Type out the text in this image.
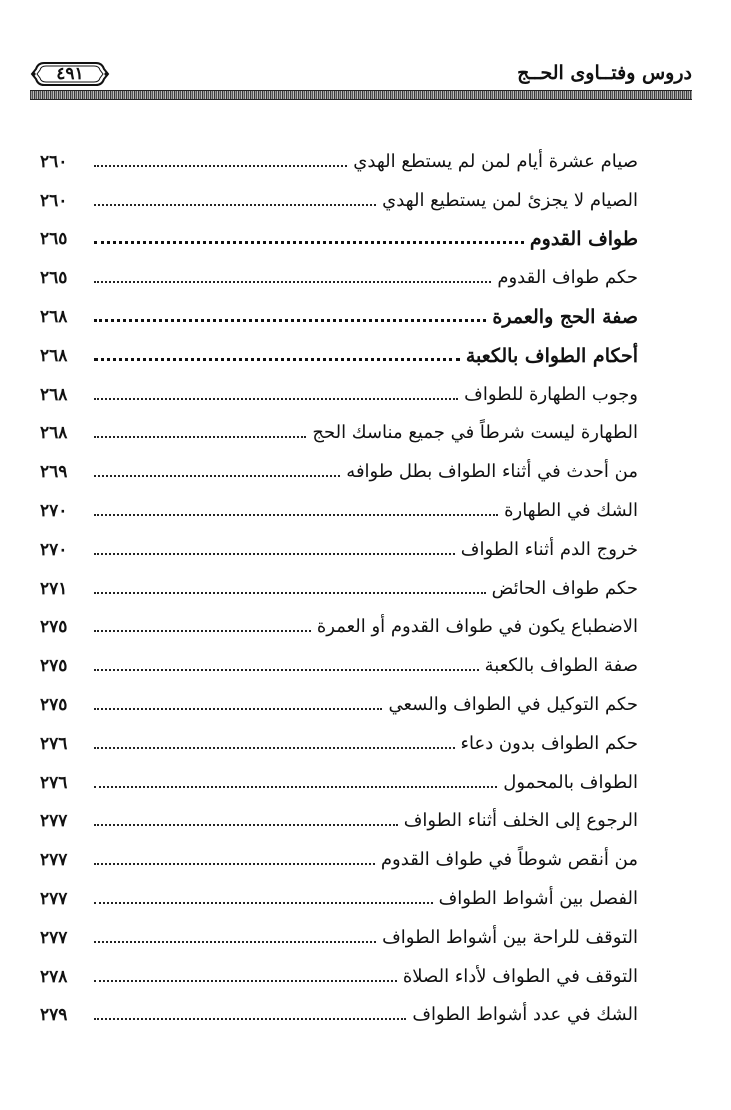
دروس وفتــاوى الحــج
٤٩١
صيام عشرة أيام لمن لم يستطع الهدي
٢٦٠
الصيام لا يجزئ لمن يستطيع الهدي
٢٦٠
طواف القدوم
٢٦٥
حكم طواف القدوم
٢٦٥
صفة الحج والعمرة
٢٦٨
أحكام الطواف بالكعبة
٢٦٨
وجوب الطهارة للطواف
٢٦٨
الطهارة ليست شرطاً في جميع مناسك الحج
٢٦٨
من أحدث في أثناء الطواف بطل طوافه
٢٦٩
الشك في الطهارة
٢٧٠
خروج الدم أثناء الطواف
٢٧٠
حكم طواف الحائض
٢٧١
الاضطباع يكون في طواف القدوم أو العمرة
٢٧٥
صفة الطواف بالكعبة
٢٧٥
حكم التوكيل في الطواف والسعي
٢٧٥
حكم الطواف بدون دعاء
٢٧٦
الطواف بالمحمول
٢٧٦
الرجوع إلى الخلف أثناء الطواف
٢٧٧
من أنقص شوطاً في طواف القدوم
٢٧٧
الفصل بين أشواط الطواف
٢٧٧
التوقف للراحة بين أشواط الطواف
٢٧٧
التوقف في الطواف لأداء الصلاة
٢٧٨
الشك في عدد أشواط الطواف
٢٧٩
